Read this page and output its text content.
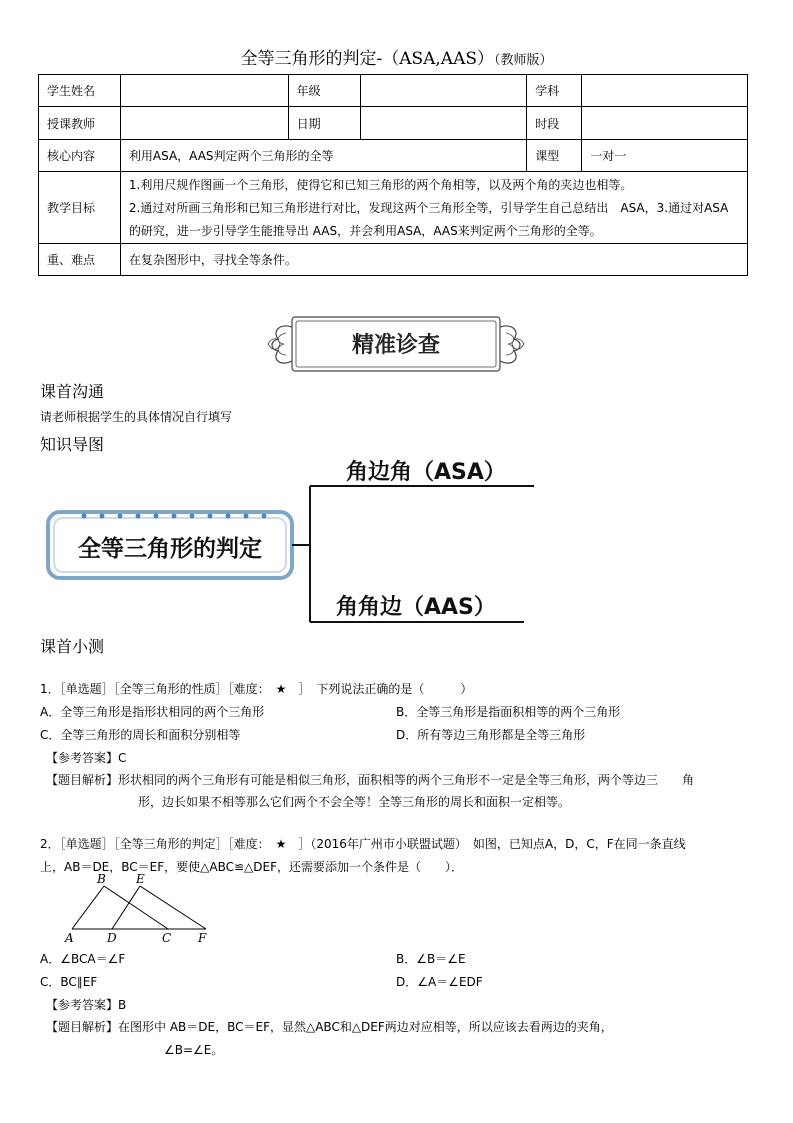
全等三角形的判定-（ASA,AAS）（教师版）
学生姓名		年级		学科	
授课教师		日期		时段	
核心内容	利用ASA，AAS判定两个三角形的全等			课型	一对一
教学目标	1.利用尺规作图画一个三角形，使得它和已知三角形的两个角相等，以及两个角的夹边也相等。
2.通过对所画三角形和已知三角形进行对比，发现这两个三角形全等，引导学生自己总结出　ASA，3.通过对ASA的研究，进一步引导学生能推导出 AAS，并会利用ASA，AAS来判定两个三角形的全等。				

重、难点	在复杂图形中，寻找全等条件。				
精准诊查
课首沟通
请老师根据学生的具体情况自行填写
知识导图
全等三角形的判定
角边角（ASA）
角角边（AAS）
课首小测
1．［单选题］［全等三角形的性质］［难度：　★　］　下列说法正确的是（　　　）
A．全等三角形是指形状相同的两个三角形	B．全等三角形是指面积相等的两个三角形
C．全等三角形的周长和面积分别相等	D．所有等边三角形都是全等三角形
【参考答案】C
【题目解析】形状相同的两个三角形有可能是相似三角形，面积相等的两个三角形不一定是全等三角形，两个等边三　　角
形，边长如果不相等那么它们两个不会全等！全等三角形的周长和面积一定相等。
2．［单选题］［全等三角形的判定］［难度：　★　］（2016年广州市小联盟试题）　如图，已知点A，D，C，F在同一条直线
上，AB＝DE，BC＝EF，要使△ABC≌△DEF，还需要添加一个条件是（　　）．
B	E
A	D	C F
A．∠BCA＝∠F	B．∠B＝∠E
C．BC∥EF	D．∠A＝∠EDF
【参考答案】B
【题目解析】在图形中 AB＝DE，BC＝EF，显然△ABC和△DEF两边对应相等，所以应该去看两边的夹角，
∠B=∠E。
